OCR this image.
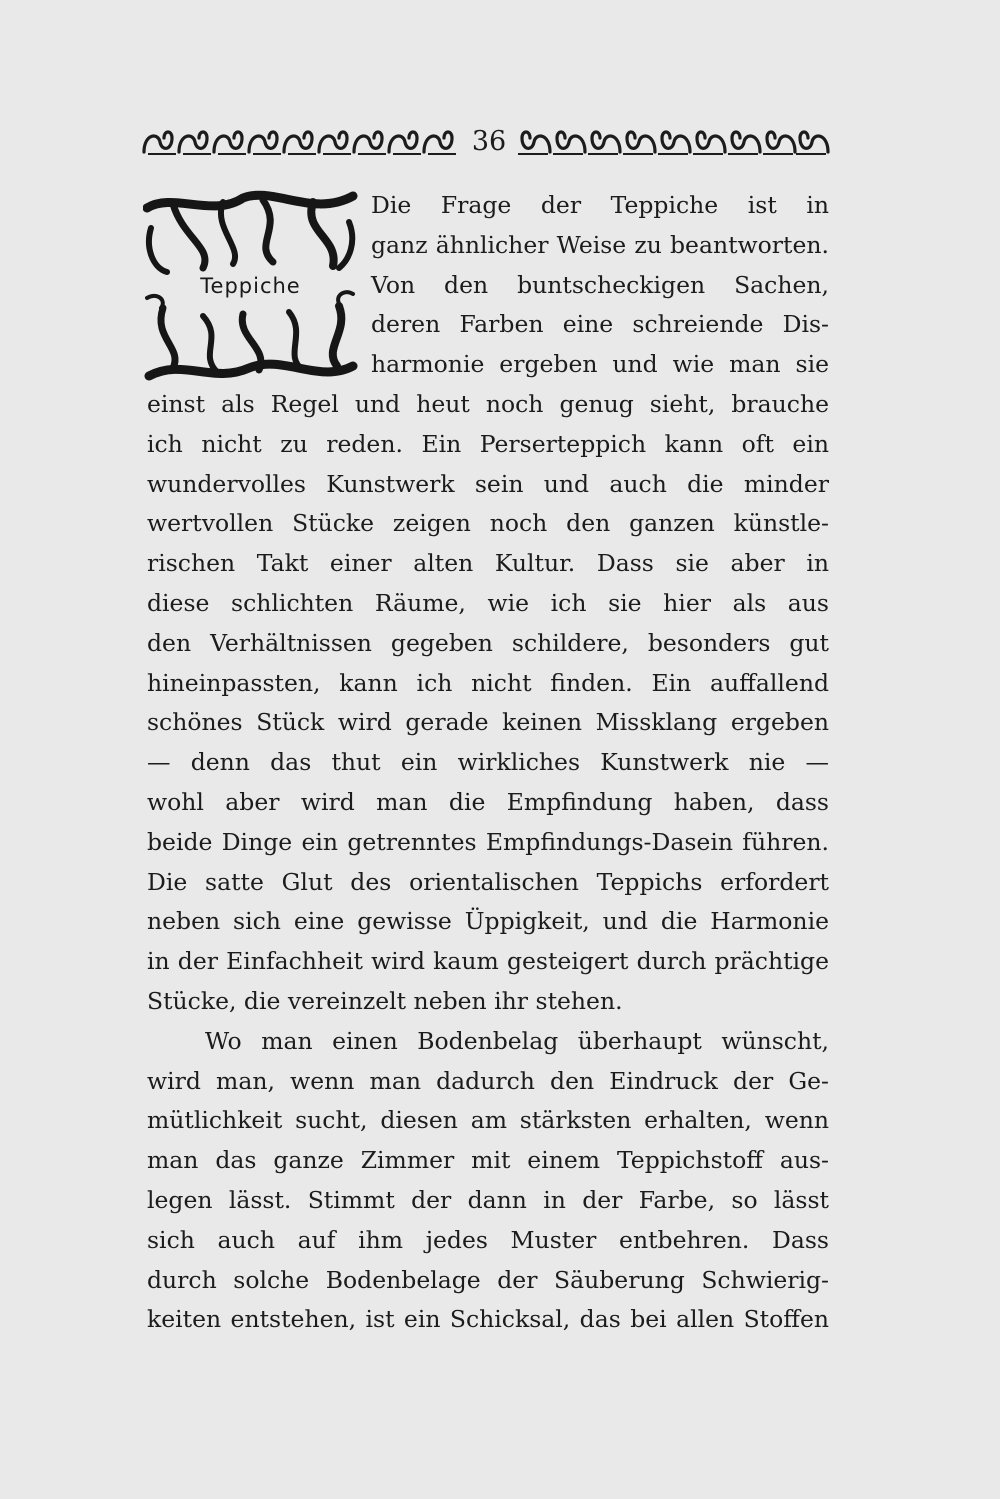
36
Teppiche
Die Frage der Teppiche ist in
ganz ähnlicher Weise zu beantworten.
Von den buntscheckigen Sachen,
deren Farben eine schreiende Dis-
harmonie ergeben und wie man sie
einst als Regel und heut noch genug sieht, brauche
ich nicht zu reden. Ein Perserteppich kann oft ein
wundervolles Kunstwerk sein und auch die minder
wertvollen Stücke zeigen noch den ganzen künstle-
rischen Takt einer alten Kultur. Dass sie aber in
diese schlichten Räume, wie ich sie hier als aus
den Verhältnissen gegeben schildere, besonders gut
hineinpassten, kann ich nicht finden. Ein auffallend
schönes Stück wird gerade keinen Missklang ergeben
— denn das thut ein wirkliches Kunstwerk nie —
wohl aber wird man die Empfindung haben, dass
beide Dinge ein getrenntes Empfindungs-Dasein führen.
Die satte Glut des orientalischen Teppichs erfordert
neben sich eine gewisse Üppigkeit, und die Harmonie
in der Einfachheit wird kaum gesteigert durch prächtige
Stücke, die vereinzelt neben ihr stehen.
Wo man einen Bodenbelag überhaupt wünscht,
wird man, wenn man dadurch den Eindruck der Ge-
mütlichkeit sucht, diesen am stärksten erhalten, wenn
man das ganze Zimmer mit einem Teppichstoff aus-
legen lässt. Stimmt der dann in der Farbe, so lässt
sich auch auf ihm jedes Muster entbehren. Dass
durch solche Bodenbelage der Säuberung Schwierig-
keiten entstehen, ist ein Schicksal, das bei allen Stoffen
